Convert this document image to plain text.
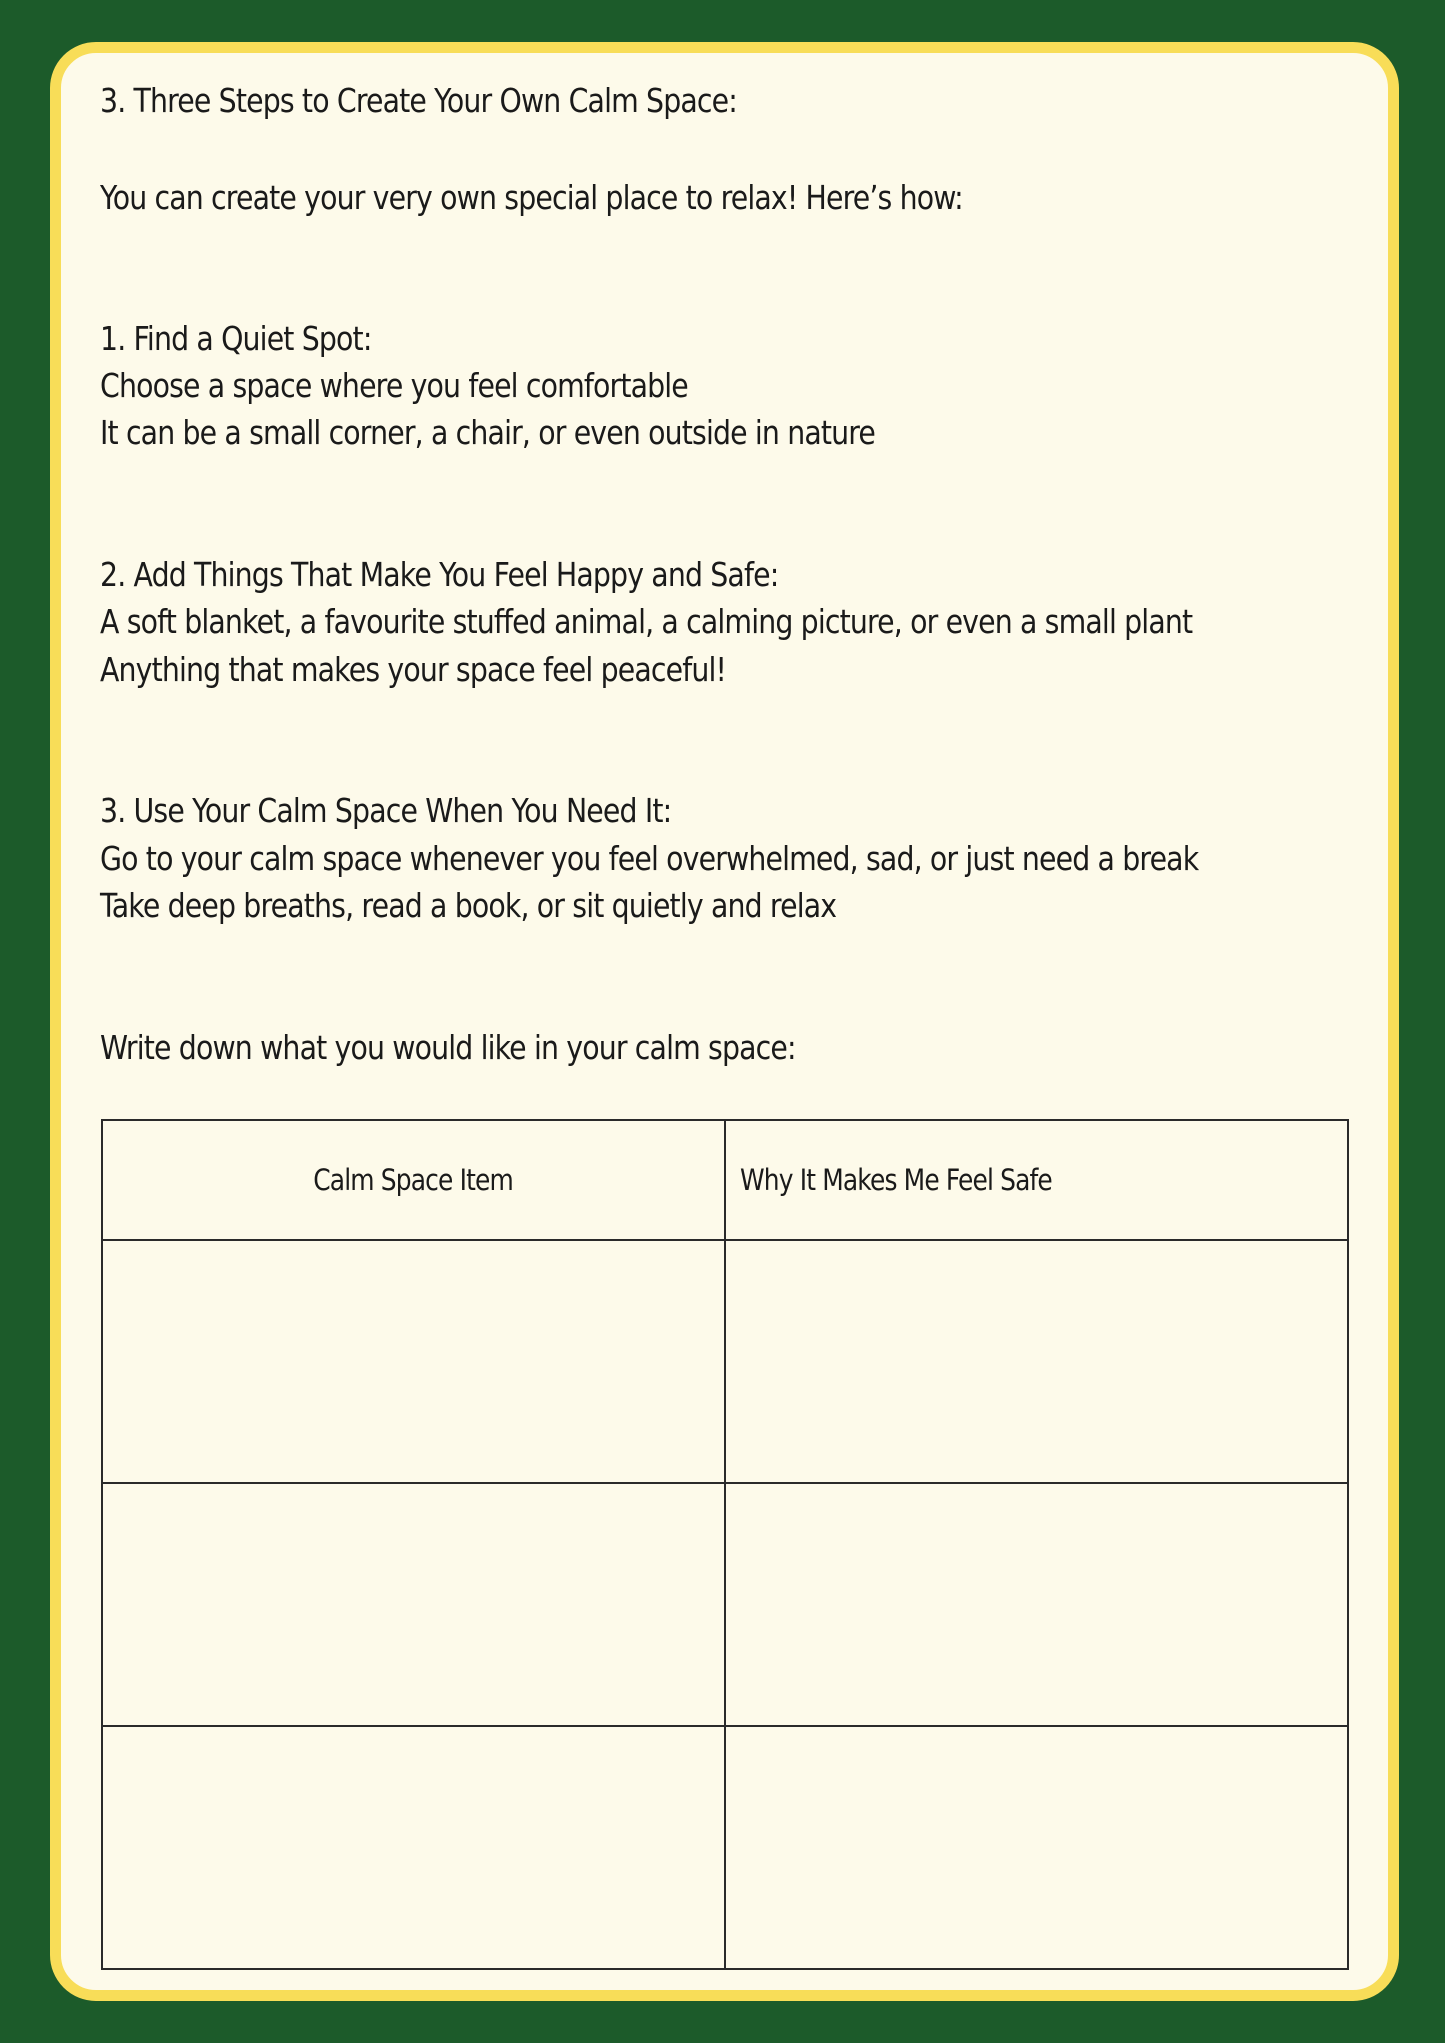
3. Three Steps to Create Your Own Calm Space:

You can create your very own special place to relax! Here’s how:

1. Find a Quiet Spot:

Choose a space where you feel comfortable

It can be a small corner, a chair, or even outside in nature

2. Add Things That Make You Feel Happy and Safe:

A soft blanket, a favourite stuffed animal, a calming picture, or even a small plant

Anything that makes your space feel peaceful!

3. Use Your Calm Space When You Need It:

Go to your calm space whenever you feel overwhelmed, sad, or just need a break

Take deep breaths, read a book, or sit quietly and relax

Write down what you would like in your calm space:

Calm Space Item	Why It Makes Me Feel Safe
